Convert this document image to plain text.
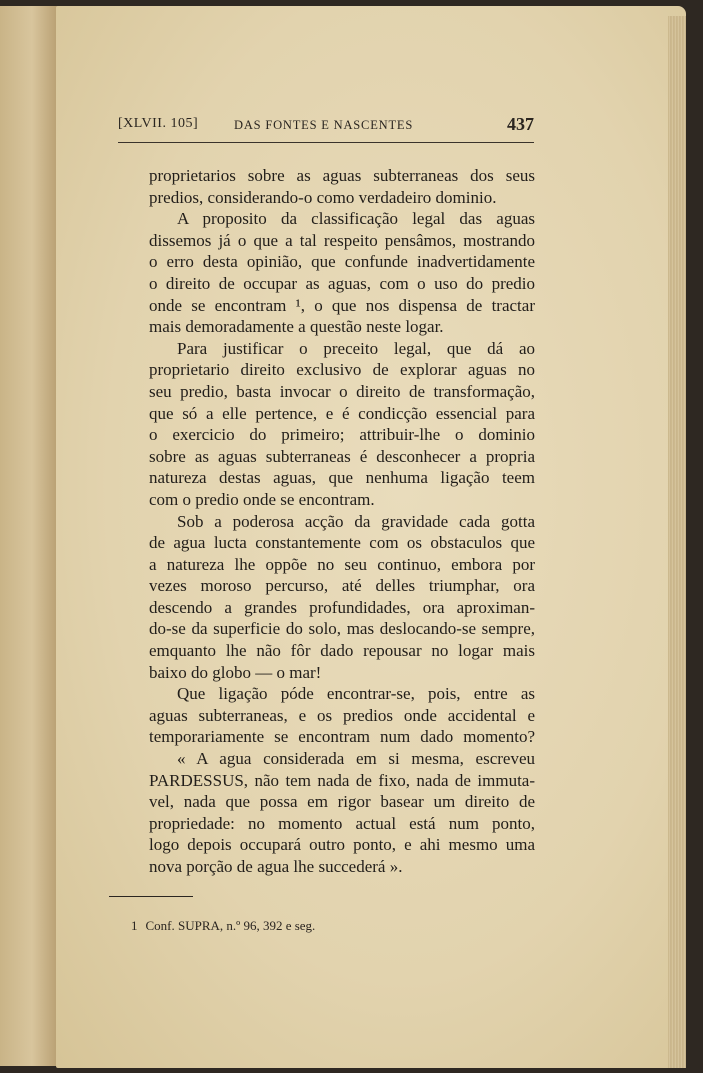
[XLVII. 105]	DAS FONTES E NASCENTES	437
proprietarios sobre as aguas subterraneas dos seus
predios, considerando-o como verdadeiro dominio.
A proposito da classificação legal das aguas
dissemos já o que a tal respeito pensâmos, mostrando
o erro desta opinião, que confunde inadvertidamente
o direito de occupar as aguas, com o uso do predio
onde se encontram ¹, o que nos dispensa de tractar
mais demoradamente a questão neste logar.
Para justificar o preceito legal, que dá ao
proprietario direito exclusivo de explorar aguas no
seu predio, basta invocar o direito de transformação,
que só a elle pertence, e é condicção essencial para
o exercicio do primeiro; attribuir-lhe o dominio
sobre as aguas subterraneas é desconhecer a propria
natureza destas aguas, que nenhuma ligação teem
com o predio onde se encontram.
Sob a poderosa acção da gravidade cada gotta
de agua lucta constantemente com os obstaculos que
a natureza lhe oppõe no seu continuo, embora por
vezes moroso percurso, até delles triumphar, ora
descendo a grandes profundidades, ora aproximan-
do-se da superficie do solo, mas deslocando-se sempre,
emquanto lhe não fôr dado repousar no logar mais
baixo do globo — o mar!
Que ligação póde encontrar-se, pois, entre as
aguas subterraneas, e os predios onde accidental e
temporariamente se encontram num dado momento?
« A agua considerada em si mesma, escreveu
PARDESSUS, não tem nada de fixo, nada de immuta-
vel, nada que possa em rigor basear um direito de
propriedade: no momento actual está num ponto,
logo depois occupará outro ponto, e ahi mesmo uma
nova porção de agua lhe succederá ».
1 Conf. SUPRA, n.º 96, 392 e seg.
